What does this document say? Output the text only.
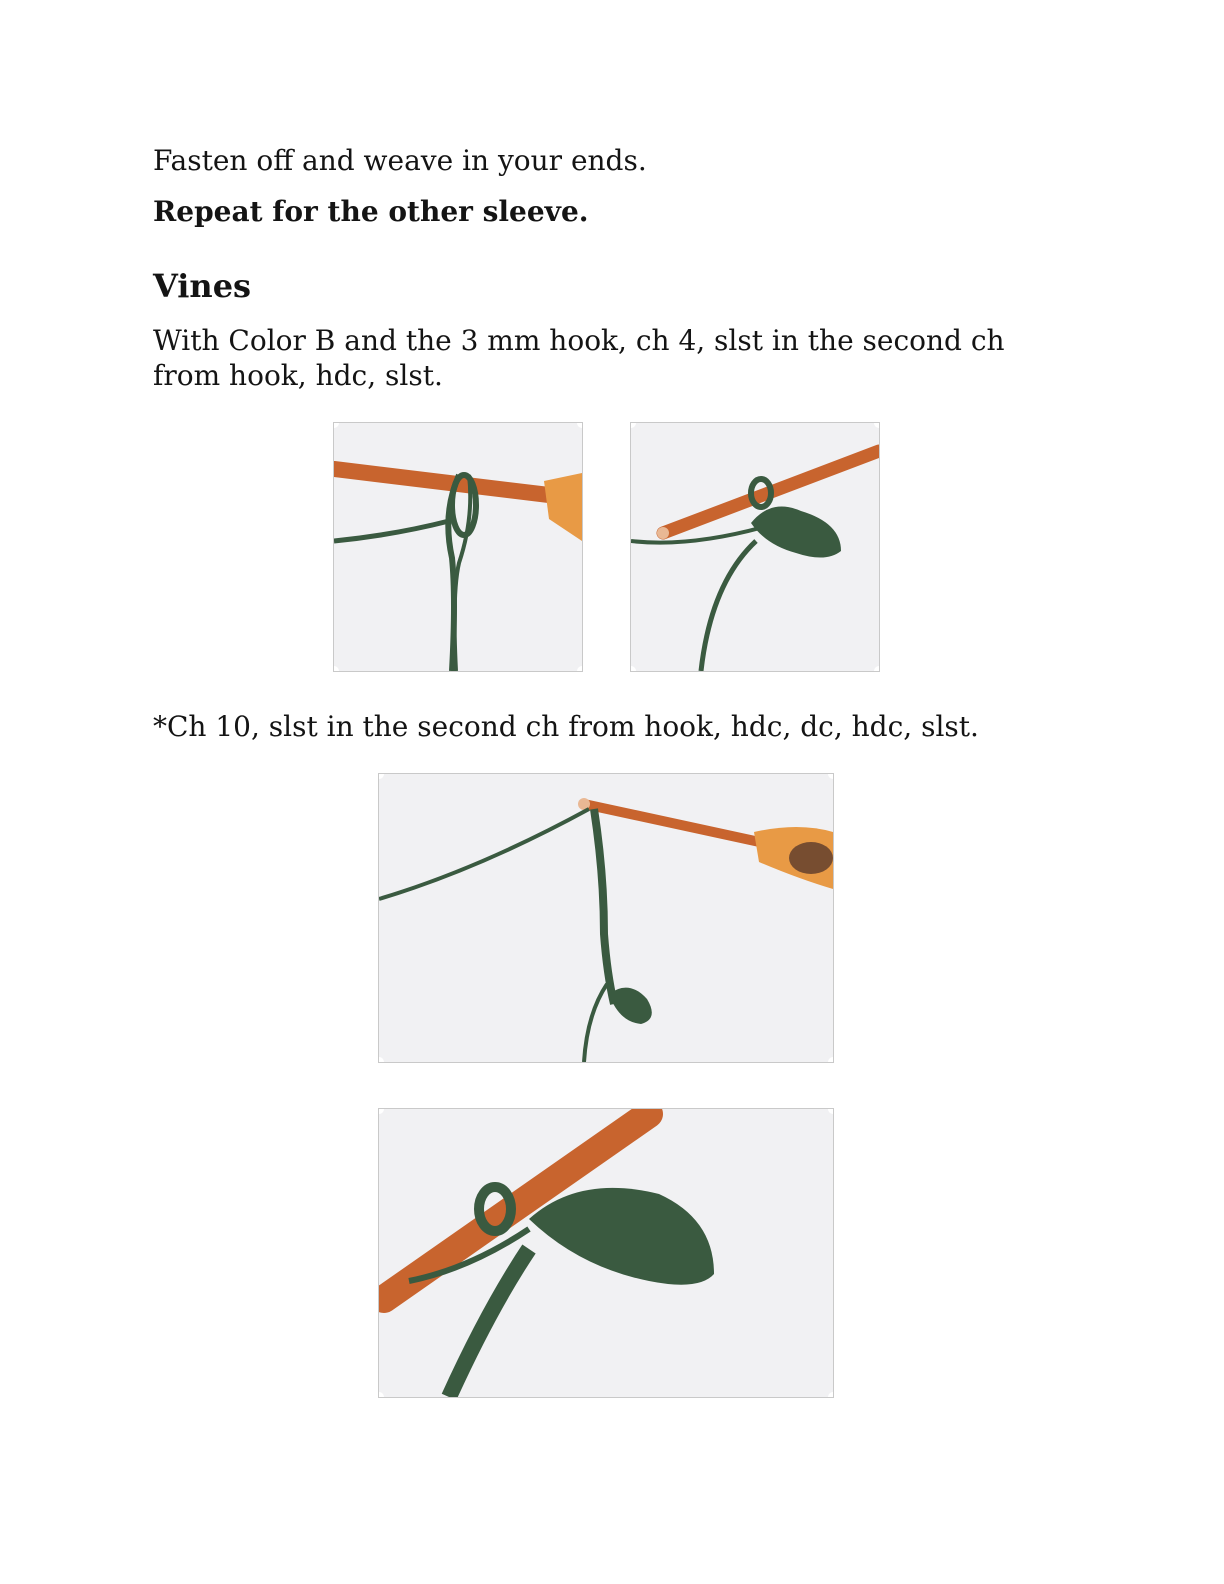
Fasten off and weave in your ends.

Repeat for the other sleeve.

Vines

With Color B and the 3 mm hook, ch 4, slst in the second ch from hook, hdc, slst.

*Ch 10, slst in the second ch from hook, hdc, dc, hdc, slst.
